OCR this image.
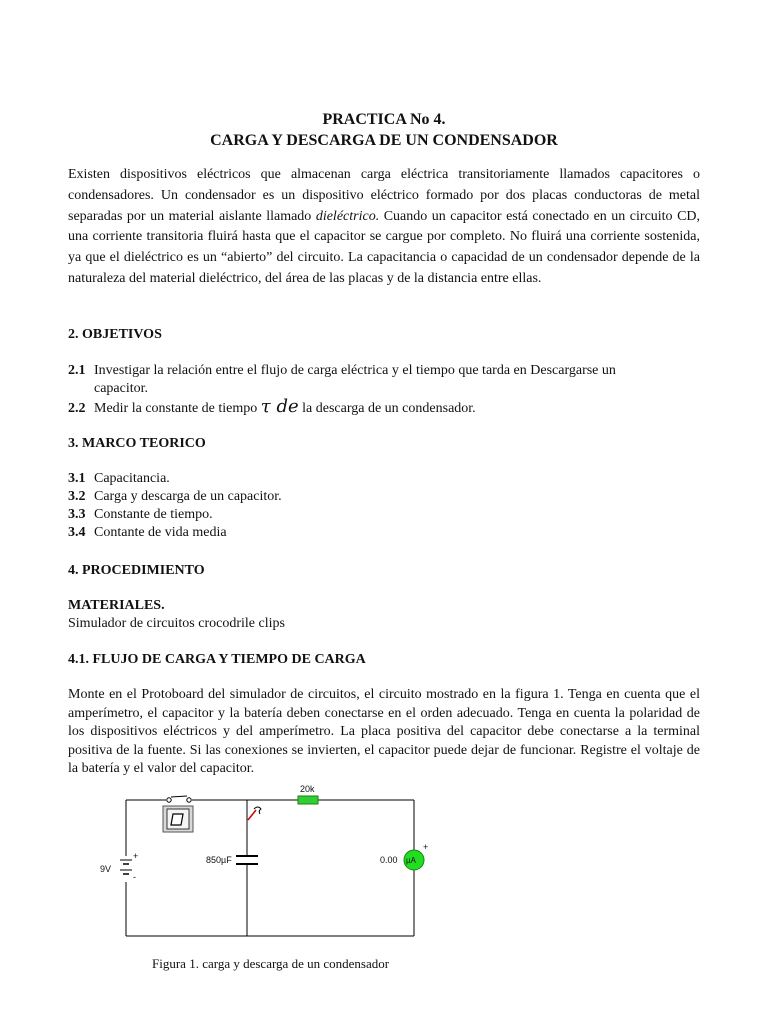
PRACTICA No 4.

CARGA Y DESCARGA DE UN CONDENSADOR

Existen dispositivos eléctricos que almacenan carga eléctrica transitoriamente llamados capacitores o condensadores. Un condensador es un dispositivo eléctrico formado por dos placas conductoras de metal separadas por un material aislante llamado dieléctrico. Cuando un capacitor está conectado en un circuito CD, una corriente transitoria fluirá hasta que el capacitor se cargue por completo. No fluirá una corriente sostenida, ya que el dieléctrico es un “abierto” del circuito. La capacitancia o capacidad de un condensador depende de la naturaleza del material dieléctrico, del área de las placas y de la distancia entre ellas.

2. OBJETIVOS

2.1 Investigar la relación entre el flujo de carga eléctrica y el tiempo que tarda en Descargarse un
capacitor.
2.2 Medir la constante de tiempo τ de la descarga de un condensador.

3. MARCO TEORICO

3.1 Capacitancia.
3.2 Carga y descarga de un capacitor.
3.3 Constante de tiempo.
3.4 Contante de vida media

4. PROCEDIMIENTO

MATERIALES.

Simulador de circuitos crocodrile clips

4.1. FLUJO DE CARGA Y TIEMPO DE CARGA

Monte en el Protoboard del simulador de circuitos, el circuito mostrado en la figura 1. Tenga en cuenta que el amperímetro, el capacitor y la batería deben conectarse en el orden adecuado. Tenga en cuenta la polaridad de los dispositivos eléctricos y del amperímetro. La placa positiva del capacitor debe conectarse a la terminal positiva de la fuente. Si las conexiones se invierten, el capacitor puede dejar de funcionar. Registre el voltaje de la batería y el valor del capacitor.

+
-
9V
20k
850µF	µA
+
0.00

Figura 1. carga y descarga de un condensador
